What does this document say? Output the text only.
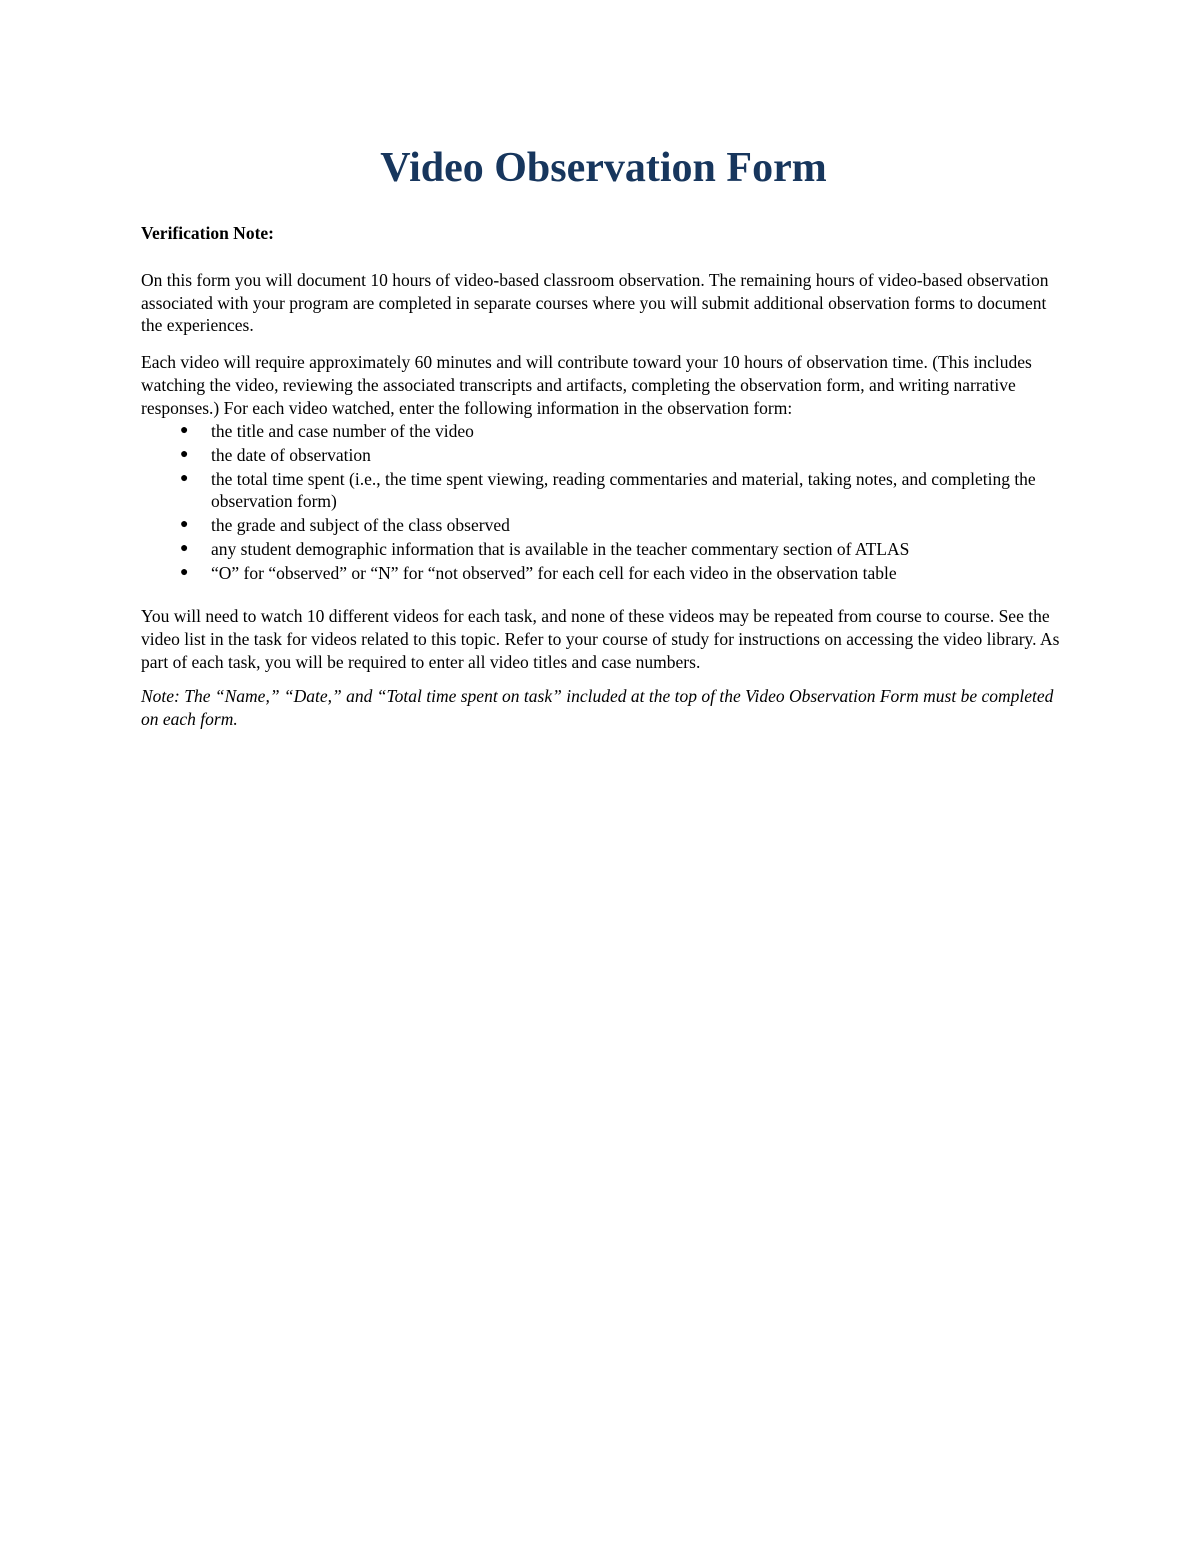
Video Observation Form
Verification Note:

On this form you will document 10 hours of video-based classroom observation. The remaining hours of video-based observation associated with your program are completed in separate courses where you will submit additional observation forms to document the experiences.

Each video will require approximately 60 minutes and will contribute toward your 10 hours of observation time. (This includes watching the video, reviewing the associated transcripts and artifacts, completing the observation form, and writing narrative responses.) For each video watched, enter the following information in the observation form:

● the title and case number of the video
● the date of observation
● the total time spent (i.e., the time spent viewing, reading commentaries and material, taking notes, and completing the observation form)
● the grade and subject of the class observed
● any student demographic information that is available in the teacher commentary section of ATLAS
● “O” for “observed” or “N” for “not observed” for each cell for each video in the observation table

You will need to watch 10 different videos for each task, and none of these videos may be repeated from course to course. See the video list in the task for videos related to this topic. Refer to your course of study for instructions on accessing the video library. As part of each task, you will be required to enter all video titles and case numbers.

Note: The “Name,” “Date,” and “Total time spent on task” included at the top of the Video Observation Form must be completed on each form.
